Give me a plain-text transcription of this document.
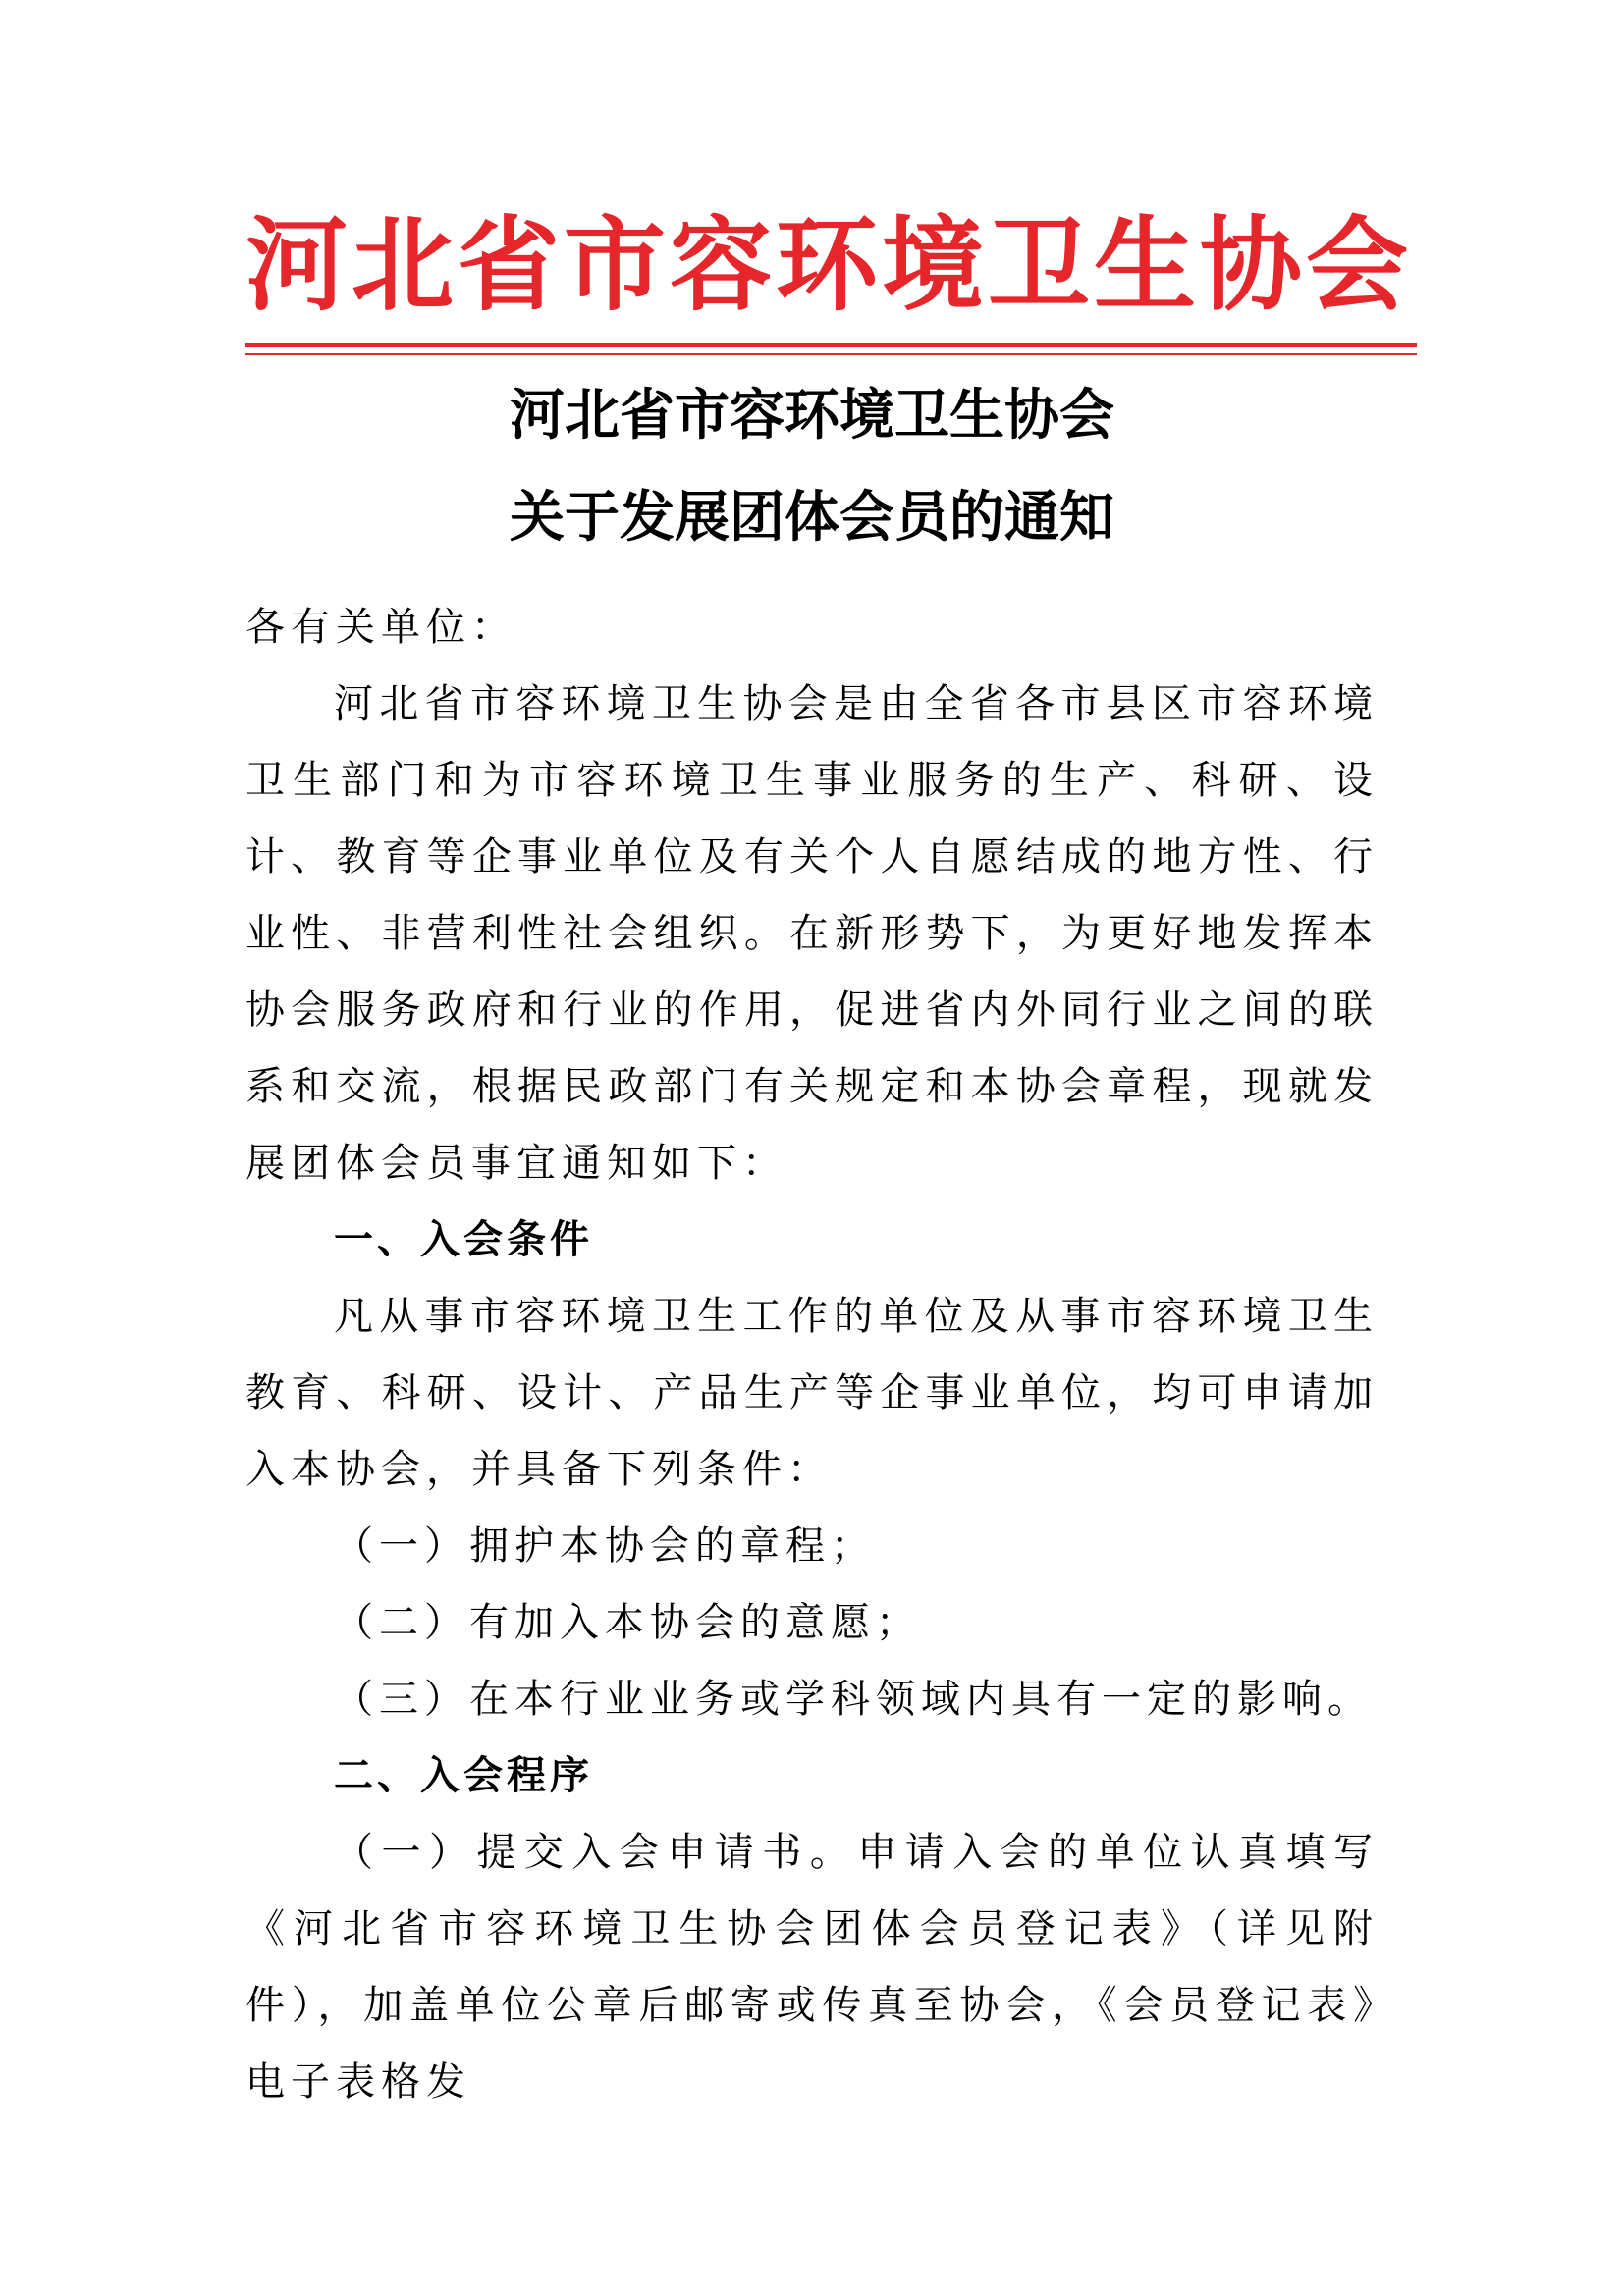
河北省市容环境卫生协会
河北省市容环境卫生协会
关于发展团体会员的通知

各有关单位：

河北省市容环境卫生协会是由全省各市县区市容环境卫生部门和为市容环境卫生事业服务的生产、科研、设计、教育等企事业单位及有关个人自愿结成的地方性、行业性、非营利性社会组织。在新形势下，为更好地发挥本协会服务政府和行业的作用，促进省内外同行业之间的联系和交流，根据民政部门有关规定和本协会章程，现就发展团体会员事宜通知如下：

一、入会条件

凡从事市容环境卫生工作的单位及从事市容环境卫生教育、科研、设计、产品生产等企事业单位，均可申请加入本协会，并具备下列条件：

（一）拥护本协会的章程；

（二）有加入本协会的意愿；

（三）在本行业业务或学科领域内具有一定的影响。

二、入会程序

（一）提交入会申请书。申请入会的单位认真填写《河北省市容环境卫生协会团体会员登记表》（详见附件），加盖单位公章后邮寄或传真至协会，《会员登记表》电子表格发
